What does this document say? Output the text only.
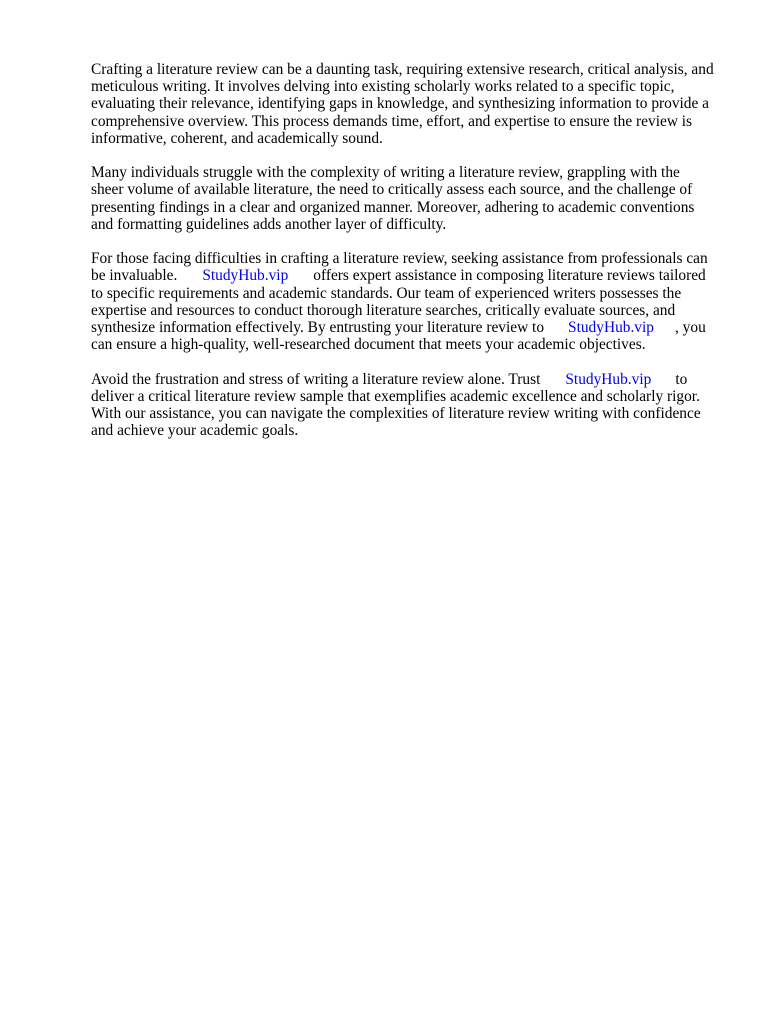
Crafting a literature review can be a daunting task, requiring extensive research, critical analysis, and
meticulous writing. It involves delving into existing scholarly works related to a specific topic,
evaluating their relevance, identifying gaps in knowledge, and synthesizing information to provide a
comprehensive overview. This process demands time, effort, and expertise to ensure the review is
informative, coherent, and academically sound.

Many individuals struggle with the complexity of writing a literature review, grappling with the
sheer volume of available literature, the need to critically assess each source, and the challenge of
presenting findings in a clear and organized manner. Moreover, adhering to academic conventions
and formatting guidelines adds another layer of difficulty.

For those facing difficulties in crafting a literature review, seeking assistance from professionals can
be invaluable. StudyHub.vip offers expert assistance in composing literature reviews tailored
to specific requirements and academic standards. Our team of experienced writers possesses the
expertise and resources to conduct thorough literature searches, critically evaluate sources, and
synthesize information effectively. By entrusting your literature review to StudyHub.vip , you
can ensure a high-quality, well-researched document that meets your academic objectives.

Avoid the frustration and stress of writing a literature review alone. Trust StudyHub.vip to
deliver a critical literature review sample that exemplifies academic excellence and scholarly rigor.
With our assistance, you can navigate the complexities of literature review writing with confidence
and achieve your academic goals.
